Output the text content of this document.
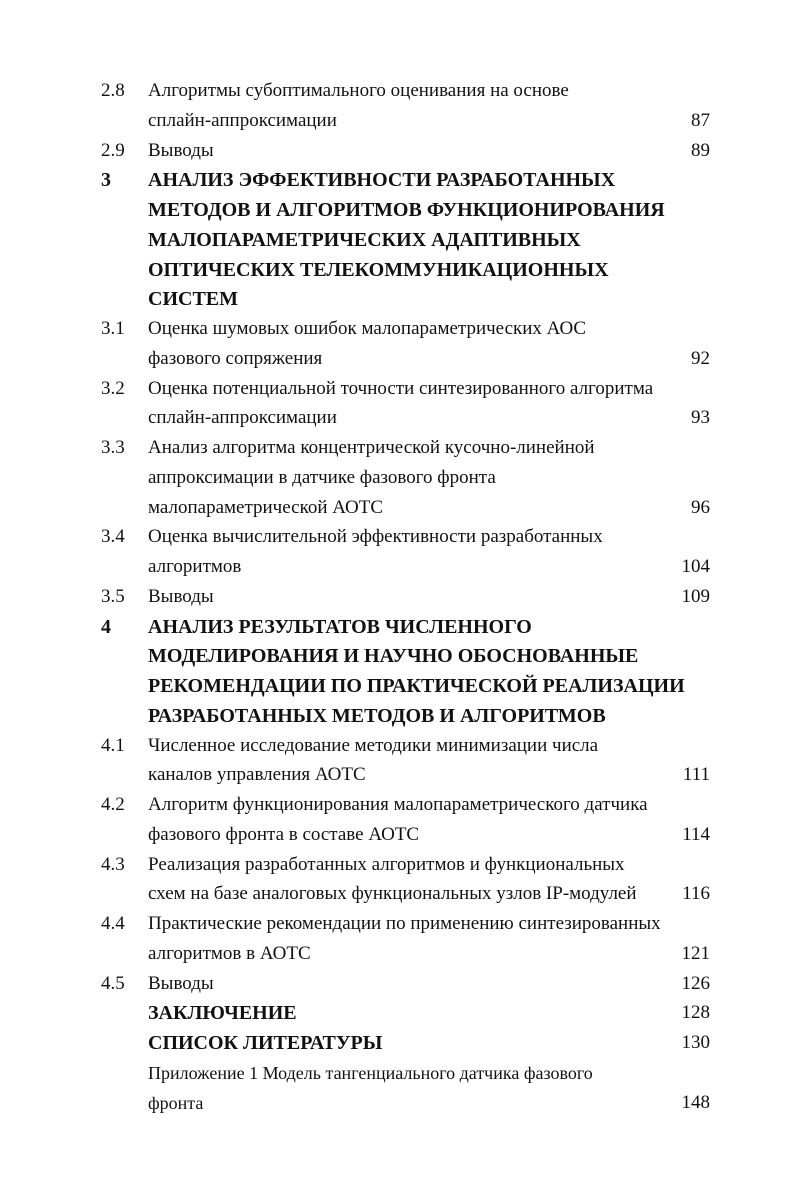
2.8	Алгоритмы субоптимального оценивания на основе
сплайн-аппроксимации	87
2.9	Выводы	89
3	АНАЛИЗ ЭФФЕКТИВНОСТИ РАЗРАБОТАННЫХ
МЕТОДОВ И АЛГОРИТМОВ ФУНКЦИОНИРОВАНИЯ
МАЛОПАРАМЕТРИЧЕСКИХ АДАПТИВНЫХ
ОПТИЧЕСКИХ ТЕЛЕКОММУНИКАЦИОННЫХ
СИСТЕМ
3.1	Оценка шумовых ошибок малопараметрических АОС
фазового сопряжения	92
3.2	Оценка потенциальной точности синтезированного алгоритма
сплайн-аппроксимации	93
3.3	Анализ алгоритма концентрической кусочно-линейной
аппроксимации в датчике фазового фронта
малопараметрической АОТС	96
3.4	Оценка вычислительной эффективности разработанных
алгоритмов	104
3.5	Выводы	109
4	АНАЛИЗ РЕЗУЛЬТАТОВ ЧИСЛЕННОГО
МОДЕЛИРОВАНИЯ И НАУЧНО ОБОСНОВАННЫЕ
РЕКОМЕНДАЦИИ ПО ПРАКТИЧЕСКОЙ РЕАЛИЗАЦИИ
РАЗРАБОТАННЫХ МЕТОДОВ И АЛГОРИТМОВ
4.1	Численное исследование методики минимизации числа
каналов управления АОТС	111
4.2	Алгоритм функционирования малопараметрического датчика
фазового фронта в составе АОТС	114
4.3	Реализация разработанных алгоритмов и функциональных
схем на базе аналоговых функциональных узлов IP-модулей	116
4.4	Практические рекомендации по применению синтезированных
алгоритмов в АОТС	121
4.5	Выводы	126
ЗАКЛЮЧЕНИЕ	128
СПИСОК ЛИТЕРАТУРЫ	130
Приложение 1 Модель тангенциального датчика фазового
фронта	148
